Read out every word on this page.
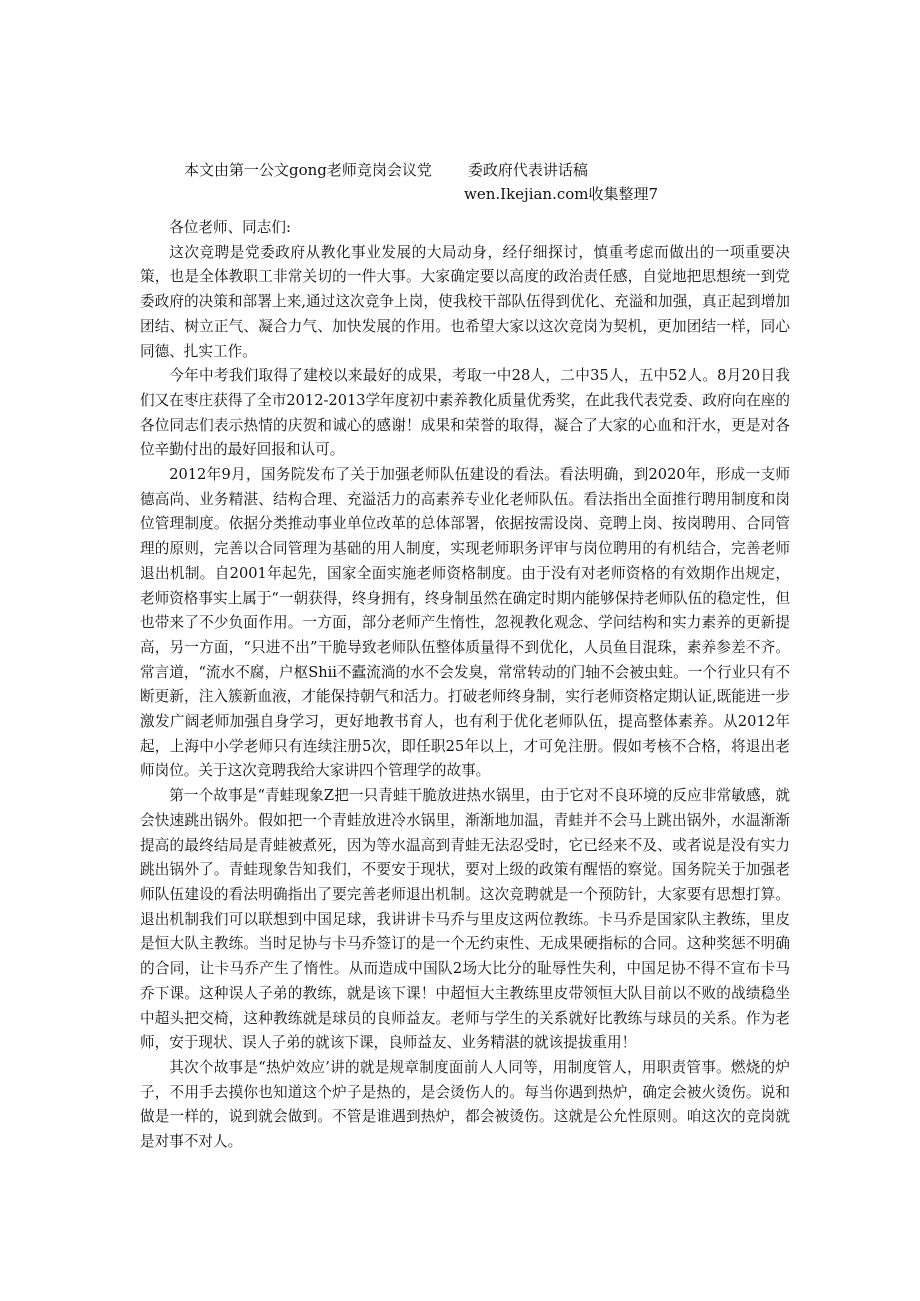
本文由第一公文gong老师竞岗会议党 委政府代表讲话稿
wen.Ikejian.com收集整理7

各位老师、同志们:

这次竞聘是党委政府从教化事业发展的大局动身，经仔细探讨，慎重考虑而做出的一项重要决策，也是全体教职工非常关切的一件大事。大家确定要以高度的政治责任感，自觉地把思想统一到党委政府的决策和部署上来,通过这次竞争上岗，使我校干部队伍得到优化、充溢和加强，真正起到增加团结、树立正气、凝合力气、加快发展的作用。也希望大家以这次竞岗为契机，更加团结一样，同心同德、扎实工作。

今年中考我们取得了建校以来最好的成果，考取一中28人，二中35人，五中52人。8月20日我们又在枣庄获得了全市2012-2013学年度初中素养教化质量优秀奖，在此我代表党委、政府向在座的各位同志们表示热情的庆贺和诚心的感谢！成果和荣誉的取得，凝合了大家的心血和汗水，更是对各位辛勤付出的最好回报和认可。

2012年9月，国务院发布了关于加强老师队伍建设的看法。看法明确，到2020年，形成一支师德高尚、业务精湛、结构合理、充溢活力的高素养专业化老师队伍。看法指出全面推行聘用制度和岗位管理制度。依据分类推动事业单位改革的总体部署，依据按需设岗、竞聘上岗、按岗聘用、合同管理的原则，完善以合同管理为基础的用人制度，实现老师职务评审与岗位聘用的有机结合，完善老师退出机制。自2001年起先，国家全面实施老师资格制度。由于没有对老师资格的有效期作出规定，老师资格事实上属于“一朝获得，终身拥有，终身制虽然在确定时期内能够保持老师队伍的稳定性，但也带来了不少负面作用。一方面，部分老师产生惰性，忽视教化观念、学问结构和实力素养的更新提高，另一方面，“只进不出”干脆导致老师队伍整体质量得不到优化，人员鱼目混珠，素养参差不齐。常言道，“流水不腐，户枢Shii不蠹流淌的水不会发臭，常常转动的门轴不会被虫蛀。一个行业只有不断更新，注入簇新血液，才能保持朝气和活力。打破老师终身制，实行老师资格定期认证,既能进一步激发广阔老师加强自身学习，更好地教书育人，也有利于优化老师队伍，提高整体素养。从2012年起，上海中小学老师只有连续注册5次，即任职25年以上，才可免注册。假如考核不合格，将退出老师岗位。关于这次竞聘我给大家讲四个管理学的故事。

第一个故事是“青蛙现象Z把一只青蛙干脆放进热水锅里，由于它对不良环境的反应非常敏感，就会快速跳出锅外。假如把一个青蛙放进冷水锅里，渐渐地加温，青蛙并不会马上跳出锅外，水温渐渐提高的最终结局是青蛙被煮死，因为等水温高到青蛙无法忍受时，它已经来不及、或者说是没有实力跳出锅外了。青蛙现象告知我们，不要安于现状，要对上级的政策有醒悟的察觉。国务院关于加强老师队伍建设的看法明确指出了要完善老师退出机制。这次竞聘就是一个预防针，大家要有思想打算。退出机制我们可以联想到中国足球，我讲讲卡马乔与里皮这两位教练。卡马乔是国家队主教练，里皮是恒大队主教练。当时足协与卡马乔签订的是一个无约束性、无成果硬指标的合同。这种奖惩不明确的合同，让卡马乔产生了惰性。从而造成中国队2场大比分的耻辱性失利，中国足协不得不宣布卡马乔下课。这种误人子弟的教练，就是该下课！中超恒大主教练里皮带领恒大队目前以不败的战绩稳坐中超头把交椅，这种教练就是球员的良师益友。老师与学生的关系就好比教练与球员的关系。作为老师，安于现状、误人子弟的就该下课，良师益友、业务精湛的就该提拔重用！

其次个故事是“热炉效应’讲的就是规章制度面前人人同等，用制度管人，用职责管事。燃烧的炉子，不用手去摸你也知道这个炉子是热的，是会烫伤人的。每当你遇到热炉，确定会被火烫伤。说和做是一样的，说到就会做到。不管是谁遇到热炉，都会被烫伤。这就是公允性原则。咱这次的竞岗就是对事不对人。
